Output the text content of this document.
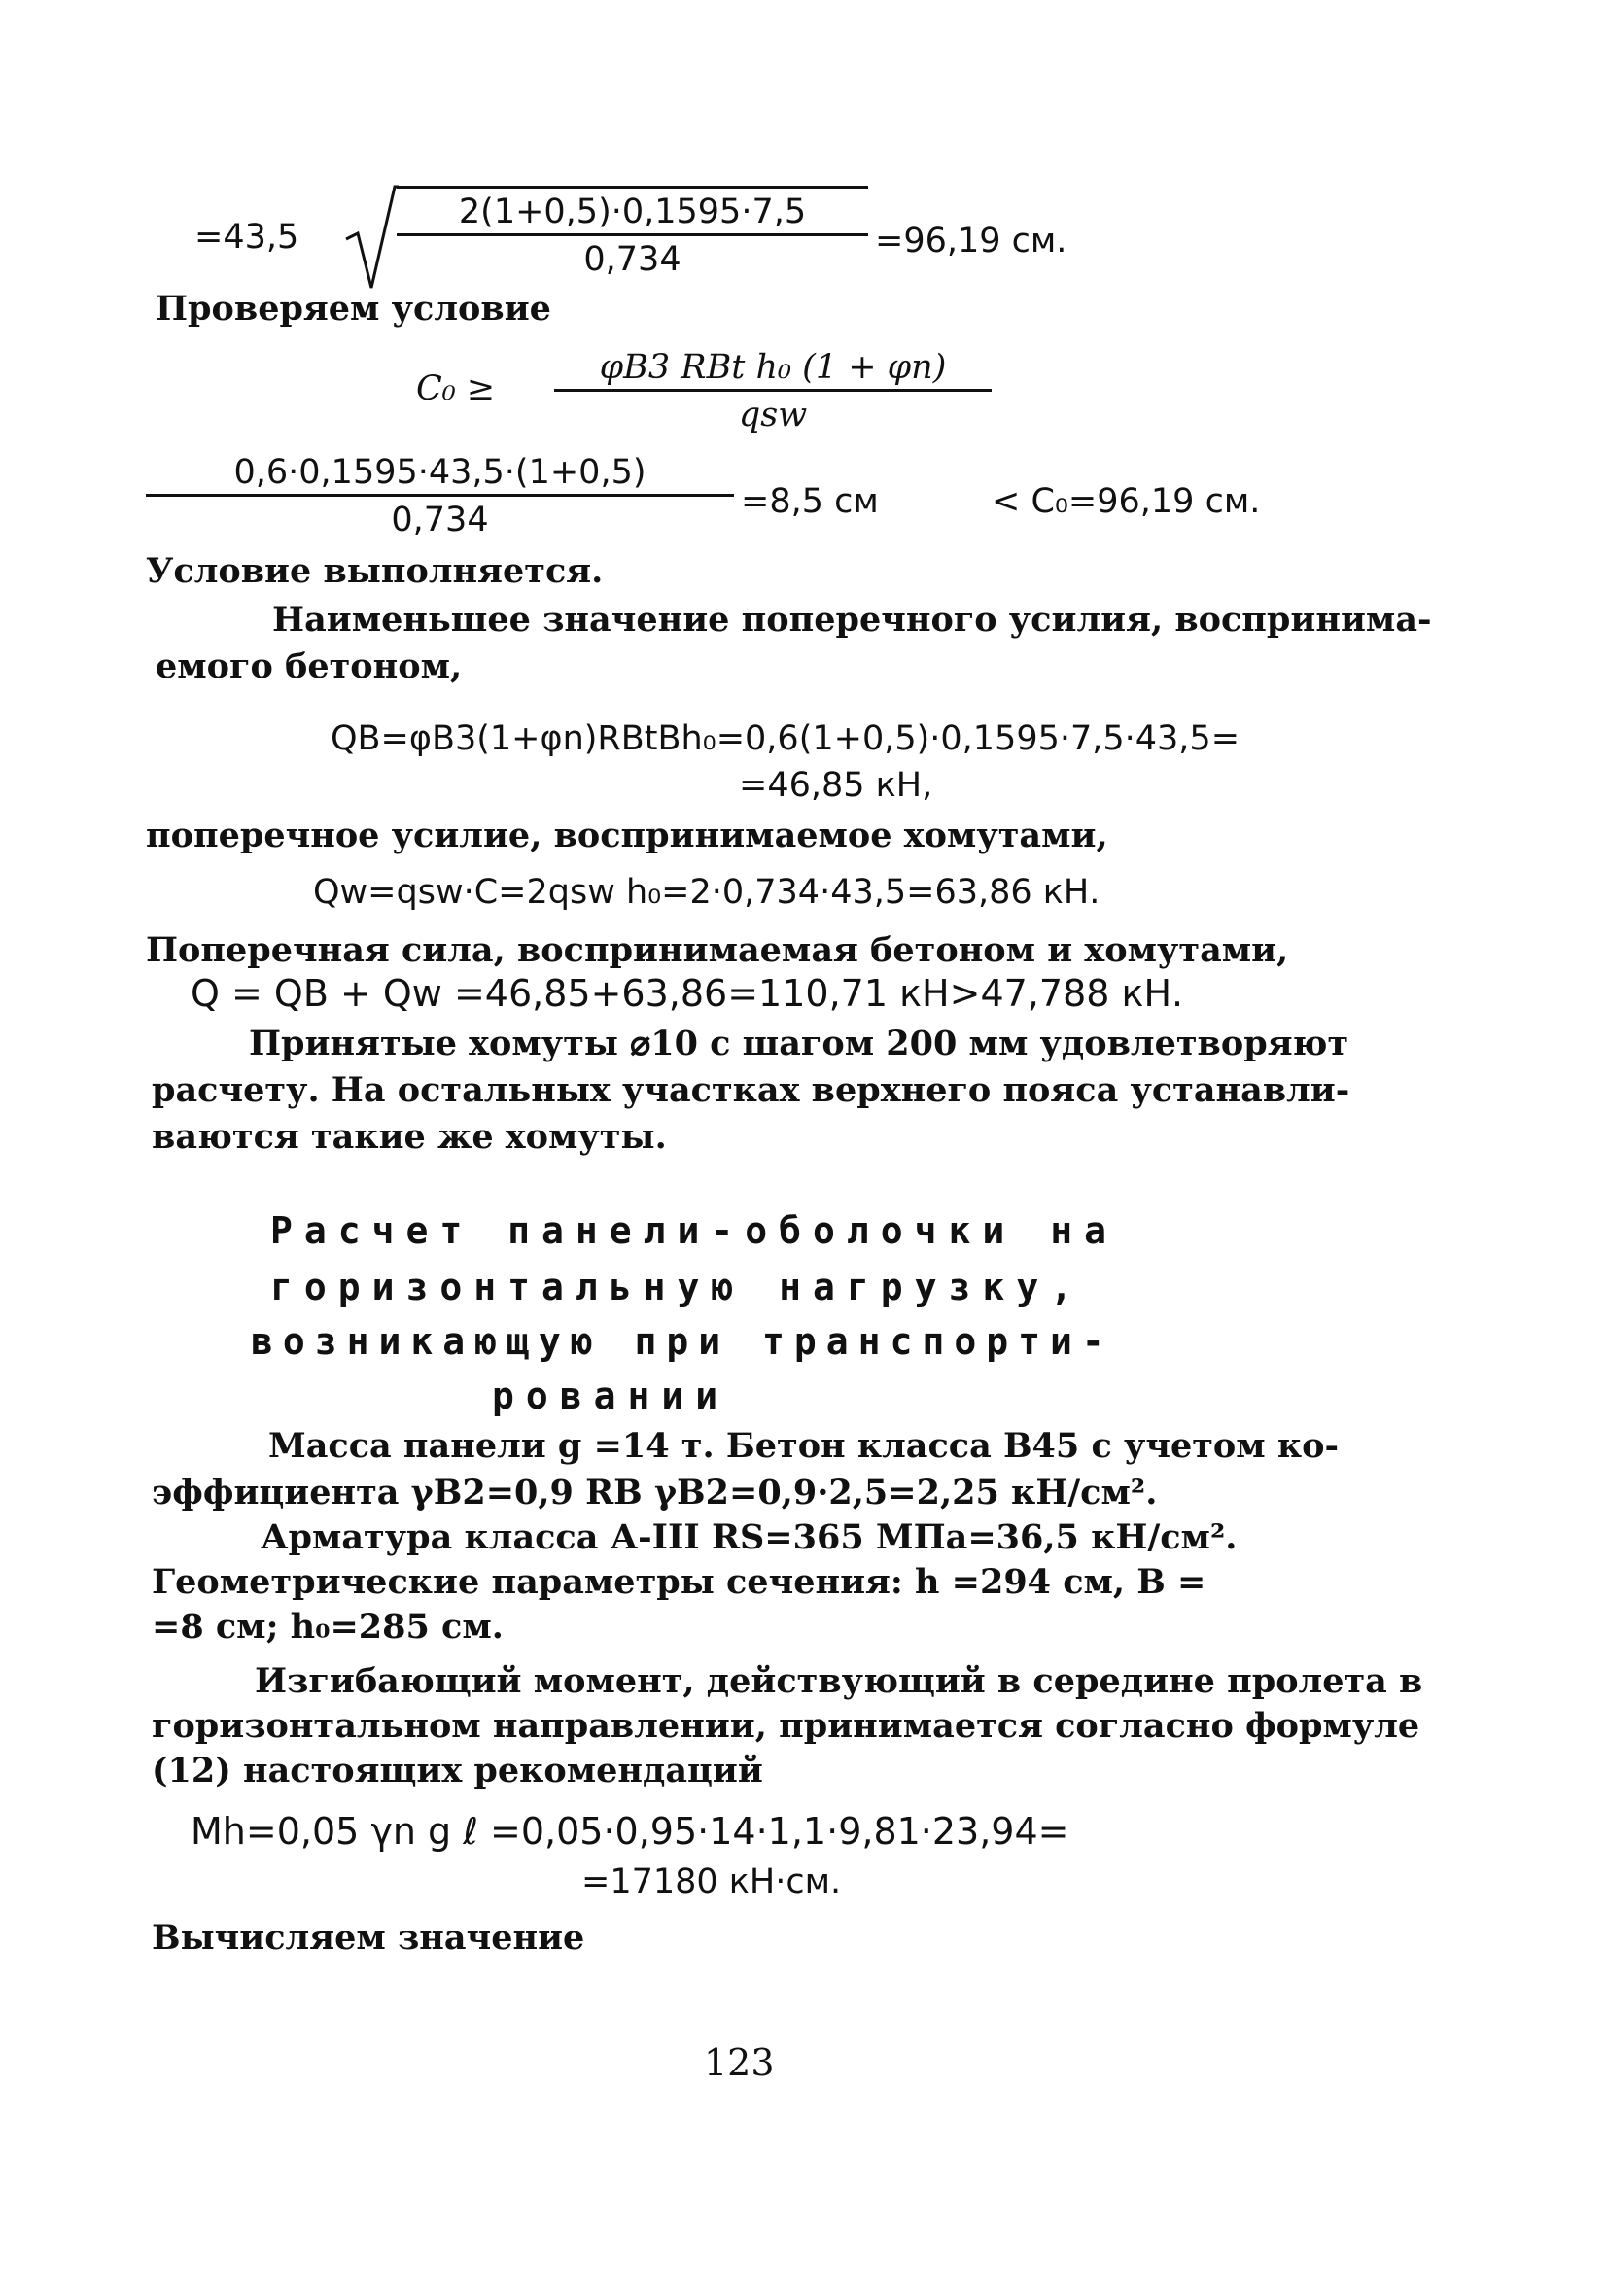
=43,5	$\frac{2(1+0,5)\cdot 0,1595\cdot 7,5}{0,734} =96,19$ см.
Проверяем условие
C₀ ≥
φB3 RBt h₀ (1 + φn)
qsw
$\frac{0,6\cdot 0,1595\cdot 43,5\cdot(1+0,5)}{0,734} =8,5$ см	< C₀=96,19 см.
Условие выполняется.
Наименьшее значение поперечного усилия, воспринима-
емого бетоном,
QB=φB3(1+φn)RBtBh₀=0,6(1+0,5)·0,1595·7,5·43,5=
=46,85 кН,
поперечное усилие, воспринимаемое хомутами,
Qw=qsw·C=2qsw h₀=2·0,734·43,5=63,86 кН.
Поперечная сила, воспринимаемая бетоном и хомутами,
Q = QB + Qw =46,85+63,86=110,71 кН>47,788 кН.
Принятые хомуты ⌀10 с шагом 200 мм удовлетворяют
расчету. На остальных участках верхнего пояса устанавли-
ваются такие же хомуты.
Расчет панели-оболочки на
горизонтальную нагрузку,
возникающую при транспорти-
ровании
Масса панели g =14 т. Бетон класса B45 с учетом ко-
эффициента γB2=0,9 RB γB2=0,9·2,5=2,25 кН/см².
Арматура класса А-III RS=365 МПа=36,5 кН/см².
Геометрические параметры сечения: h =294 см, B =
=8 см; h₀=285 см.
Изгибающий момент, действующий в середине пролета в
горизонтальном направлении, принимается согласно формуле
(12) настоящих рекомендаций
Mh=0,05 γn g ℓ =0,05·0,95·14·1,1·9,81·23,94=
=17180 кН·см.
Вычисляем значение
123
